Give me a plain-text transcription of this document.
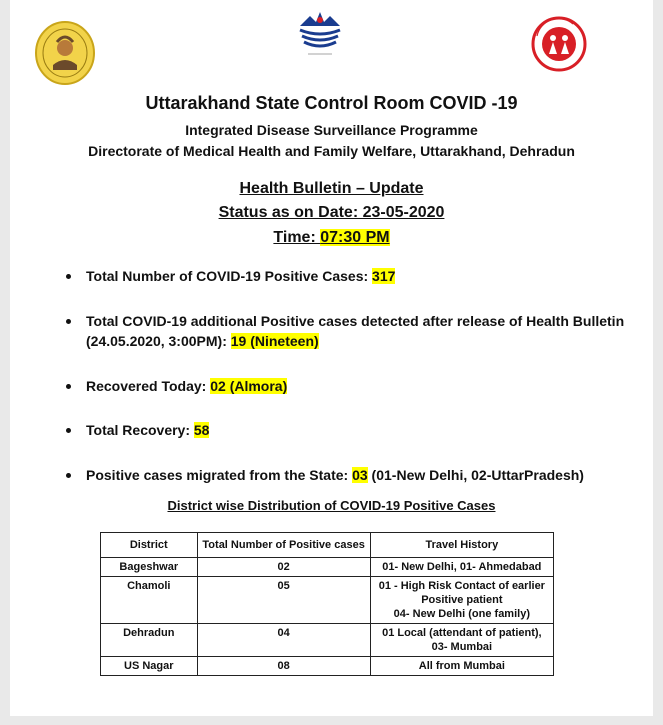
Uttarakhand State Control Room COVID -19
Integrated Disease Surveillance Programme
Directorate of Medical Health and Family Welfare, Uttarakhand, Dehradun
Health Bulletin – Update
Status as on Date: 23-05-2020
Time: 07:30 PM
Total Number of COVID-19 Positive Cases: 317
Total COVID-19 additional Positive cases detected after release of Health Bulletin (24.05.2020, 3:00PM): 19 (Nineteen)
Recovered Today: 02 (Almora)
Total Recovery: 58
Positive cases migrated from the State: 03 (01-New Delhi, 02-UttarPradesh)
District wise Distribution of COVID-19 Positive Cases
District	Total Number of Positive cases	Travel History
Bageshwar	02	01- New Delhi, 01- Ahmedabad

Chamoli	05	01 - High Risk Contact of earlier
Positive patient
04- New Delhi (one family)

Dehradun	04	01 Local (attendant of patient),
03- Mumbai

US Nagar	08	All from Mumbai
